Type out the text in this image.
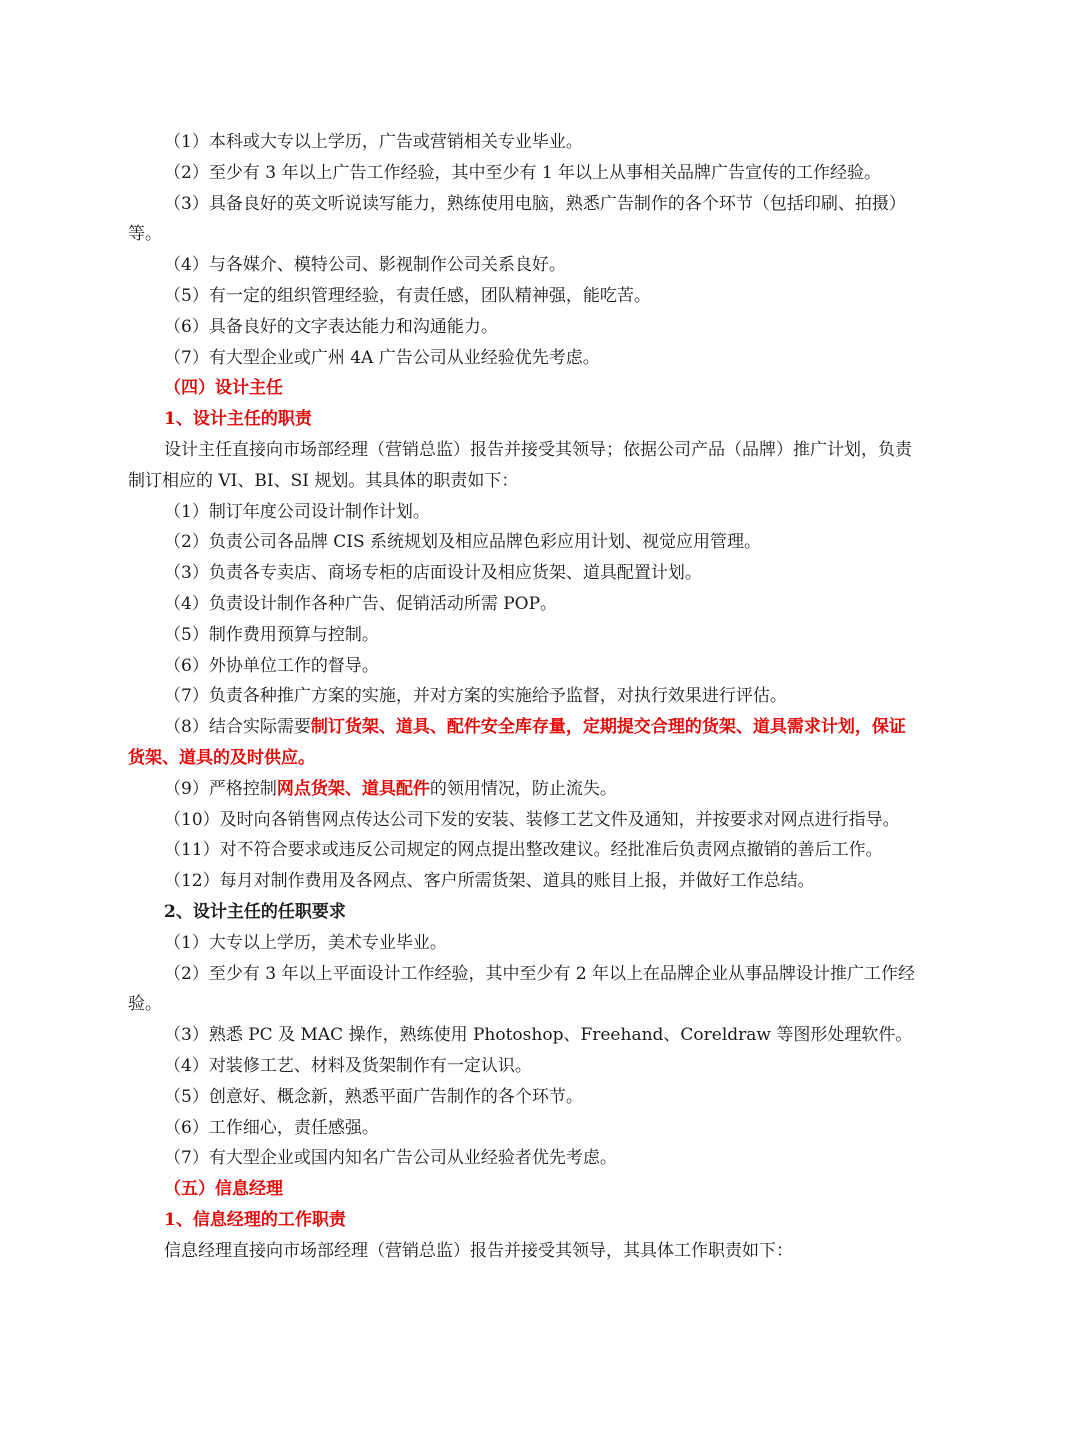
（1）本科或大专以上学历，广告或营销相关专业毕业。
（2）至少有 3 年以上广告工作经验，其中至少有 1 年以上从事相关品牌广告宣传的工作经验。
（3）具备良好的英文听说读写能力，熟练使用电脑，熟悉广告制作的各个环节（包括印刷、拍摄）
等。
（4）与各媒介、模特公司、影视制作公司关系良好。
（5）有一定的组织管理经验，有责任感，团队精神强，能吃苦。
（6）具备良好的文字表达能力和沟通能力。
（7）有大型企业或广州 4A 广告公司从业经验优先考虑。
（四）设计主任
1、设计主任的职责
设计主任直接向市场部经理（营销总监）报告并接受其领导；依据公司产品（品牌）推广计划，负责
制订相应的 VI、BI、SI 规划。其具体的职责如下：
（1）制订年度公司设计制作计划。
（2）负责公司各品牌 CIS 系统规划及相应品牌色彩应用计划、视觉应用管理。
（3）负责各专卖店、商场专柜的店面设计及相应货架、道具配置计划。
（4）负责设计制作各种广告、促销活动所需 POP。
（5）制作费用预算与控制。
（6）外协单位工作的督导。
（7）负责各种推广方案的实施，并对方案的实施给予监督，对执行效果进行评估。
（8）结合实际需要制订货架、道具、配件安全库存量，定期提交合理的货架、道具需求计划，保证
货架、道具的及时供应。
（9）严格控制网点货架、道具配件的领用情况，防止流失。
（10）及时向各销售网点传达公司下发的安装、装修工艺文件及通知，并按要求对网点进行指导。
（11）对不符合要求或违反公司规定的网点提出整改建议。经批准后负责网点撤销的善后工作。
（12）每月对制作费用及各网点、客户所需货架、道具的账目上报，并做好工作总结。
2、设计主任的任职要求
（1）大专以上学历，美术专业毕业。
（2）至少有 3 年以上平面设计工作经验，其中至少有 2 年以上在品牌企业从事品牌设计推广工作经
验。
（3）熟悉 PC 及 MAC 操作，熟练使用 Photoshop、Freehand、Coreldraw 等图形处理软件。
（4）对装修工艺、材料及货架制作有一定认识。
（5）创意好、概念新，熟悉平面广告制作的各个环节。
（6）工作细心，责任感强。
（7）有大型企业或国内知名广告公司从业经验者优先考虑。
（五）信息经理
1、信息经理的工作职责
信息经理直接向市场部经理（营销总监）报告并接受其领导，其具体工作职责如下：
